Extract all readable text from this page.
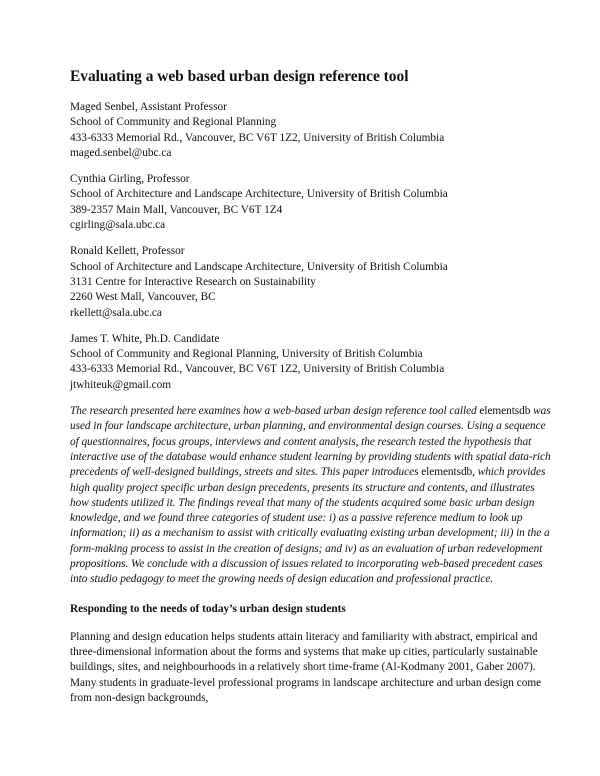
Evaluating a web based urban design reference tool
Maged Senbel, Assistant Professor
School of Community and Regional Planning
433-6333 Memorial Rd., Vancouver, BC V6T 1Z2, University of British Columbia
maged.senbel@ubc.ca
Cynthia Girling, Professor
School of Architecture and Landscape Architecture, University of British Columbia
389-2357 Main Mall, Vancouver, BC V6T 1Z4
cgirling@sala.ubc.ca
Ronald Kellett, Professor
School of Architecture and Landscape Architecture, University of British Columbia
3131 Centre for Interactive Research on Sustainability
2260 West Mall, Vancouver, BC
rkellett@sala.ubc.ca
James T. White, Ph.D. Candidate
School of Community and Regional Planning, University of British Columbia
433-6333 Memorial Rd., Vancouver, BC V6T 1Z2, University of British Columbia
jtwhiteuk@gmail.com

The research presented here examines how a web-based urban design reference tool called elementsdb was used in four landscape architecture, urban planning, and environmental design courses. Using a sequence of questionnaires, focus groups, interviews and content analysis, the research tested the hypothesis that interactive use of the database would enhance student learning by providing students with spatial data-rich precedents of well-designed buildings, streets and sites. This paper introduces elementsdb, which provides high quality project specific urban design precedents, presents its structure and contents, and illustrates how students utilized it. The findings reveal that many of the students acquired some basic urban design knowledge, and we found three categories of student use: i) as a passive reference medium to look up information; ii) as a mechanism to assist with critically evaluating existing urban development; iii) in the a form-making process to assist in the creation of designs; and iv) as an evaluation of urban redevelopment propositions. We conclude with a discussion of issues related to incorporating web-based precedent cases into studio pedagogy to meet the growing needs of design education and professional practice.

Responding to the needs of today’s urban design students

Planning and design education helps students attain literacy and familiarity with abstract, empirical and three-dimensional information about the forms and systems that make up cities, particularly sustainable buildings, sites, and neighbourhoods in a relatively short time-frame (Al-Kodmany 2001, Gaber 2007). Many students in graduate-level professional programs in landscape architecture and urban design come from non-design backgrounds,
